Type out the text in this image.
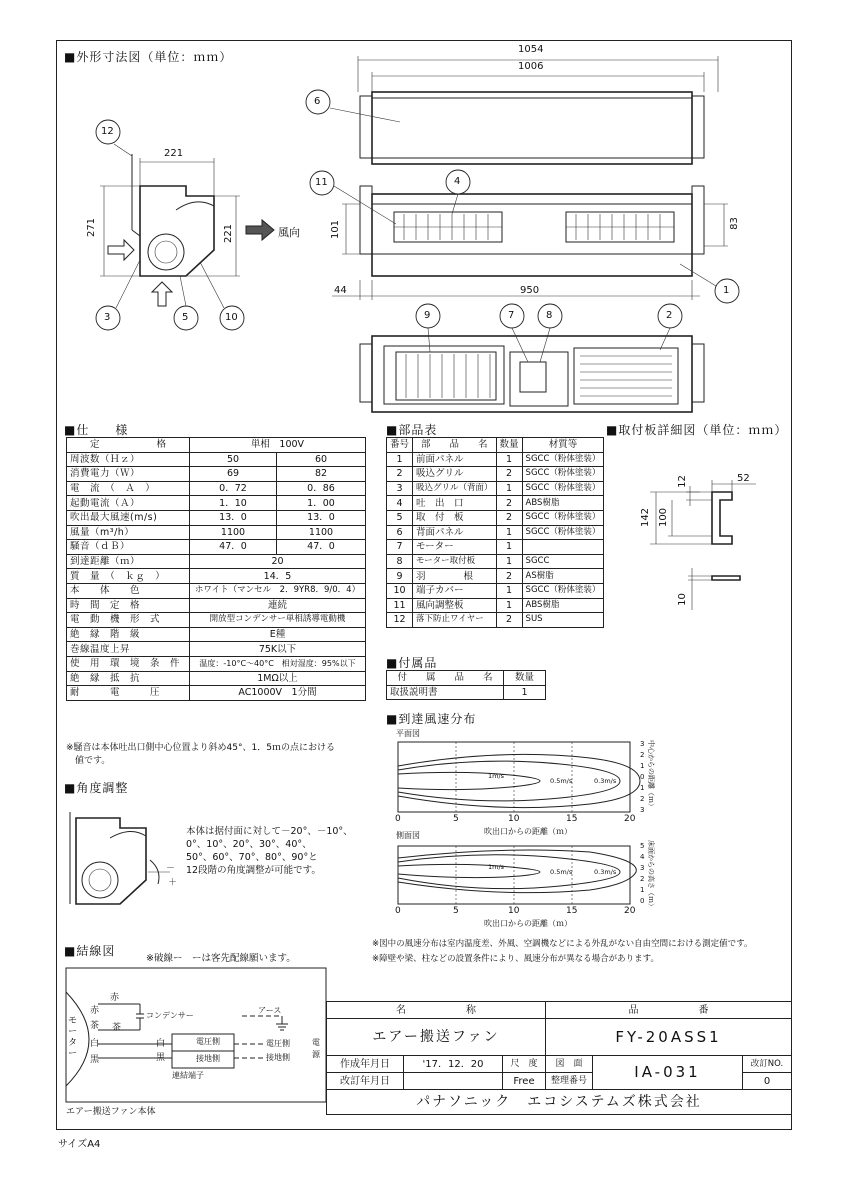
■外形寸法図（単位：ｍｍ）
1054
1006
221
271	221	101	83
44	950
風向
1
2
3
4
5
6
7	8
9
10
11
12
■仕　　様
定　　　　　　格	単相　100V	
周波数（Ｈｚ）	50	60
消費電力（Ｗ）	69	82
電　流　（　Ａ　）	0．72	0．86
起動電流（Ａ）	1．10	1．00
吹出最大風速(m/s)	13．0	13．0
風量（m³/h）	1100	1100
騒音（ｄＢ）	47．0	47．0
到達距離（ｍ）	20	
質　量　（　ｋｇ　）	14．5	
本　　体　　色	ホワイト（マンセル　2．9YR8．9/0．4）	
時　間　定　格	連続	
電　動　機　形　式	開放型コンデンサー単相誘導電動機	
絶　縁　階　級	E種	
巻線温度上昇	75K以下	
使　用　環　境　条　件	温度：-10°C～40°C　相対湿度：95%以下	
絶　縁　抵　抗	1MΩ以上	
耐　　　電　　　圧	AC1000V　1分間	
※騒音は本体吐出口側中心位置より斜め45°、1．5ｍの点における
　値です。
■部品表
番号	部　　品　　名	数量	材質等
1	前面パネル	1	SGCC（粉体塗装）
2	吸込グリル	2	SGCC（粉体塗装）
3	吸込グリル（背面）	1	SGCC（粉体塗装）
4	吐　出　口	2	ABS樹脂
5	取　付　板	2	SGCC（粉体塗装）
6	背面パネル	1	SGCC（粉体塗装）
7	モーター	1	
8	モーター取付板	1	SGCC
9	羽　　　　根	2	AS樹脂
10	端子カバー	1	SGCC（粉体塗装）
11	風向調整板	1	ABS樹脂
12	落下防止ワイヤー	2	SUS
■取付板詳細図（単位：ｍｍ）
52
12
142 100
10
■付属品
付　　属　　品　　名	数量
取扱説明書	1
■到達風速分布
平面図
側面図
1m/s
0.5m/s	0.3m/s
1m/s
0.5m/s	0.3m/s
0	5	10	15	20
吹出口からの距離（ｍ）
3
2
1
0
1
2
3 中心からの距離（ｍ）
0	5	10	15	20
吹出口からの距離（ｍ）
5
4
3
2
1
0 床面からの高さ（ｍ）
※図中の風速分布は室内温度差、外風、空調機などによる外乱がない自由空間における測定値です。
※障壁や梁、柱などの設置条件により、風速分布が異なる場合があります。
■角度調整
－
＋
本体は据付面に対して－20°、－10°、
0°、10°、20°、30°、40°、
50°、60°、70°、80°、90°と
12段階の角度調整が可能です。
■結線図
※破線ー　ーは客先配線願います。
モーター
赤
赤
茶 茶
白
黒
白
黒
コンデンサー
アース
電圧側
接地側
電圧側
接地側
電源
連結端子
エアー搬送ファン本体
名　　　　　　称			品　　　　　　番		
エアー搬送ファン			FY-20ASS1		
作成年月日	'17．12．20	尺　度	図　面	IA-031	改訂NO.
改訂年月日		Free	整理番号		0
パナソニック　エコシステムズ株式会社					
サイズA4
